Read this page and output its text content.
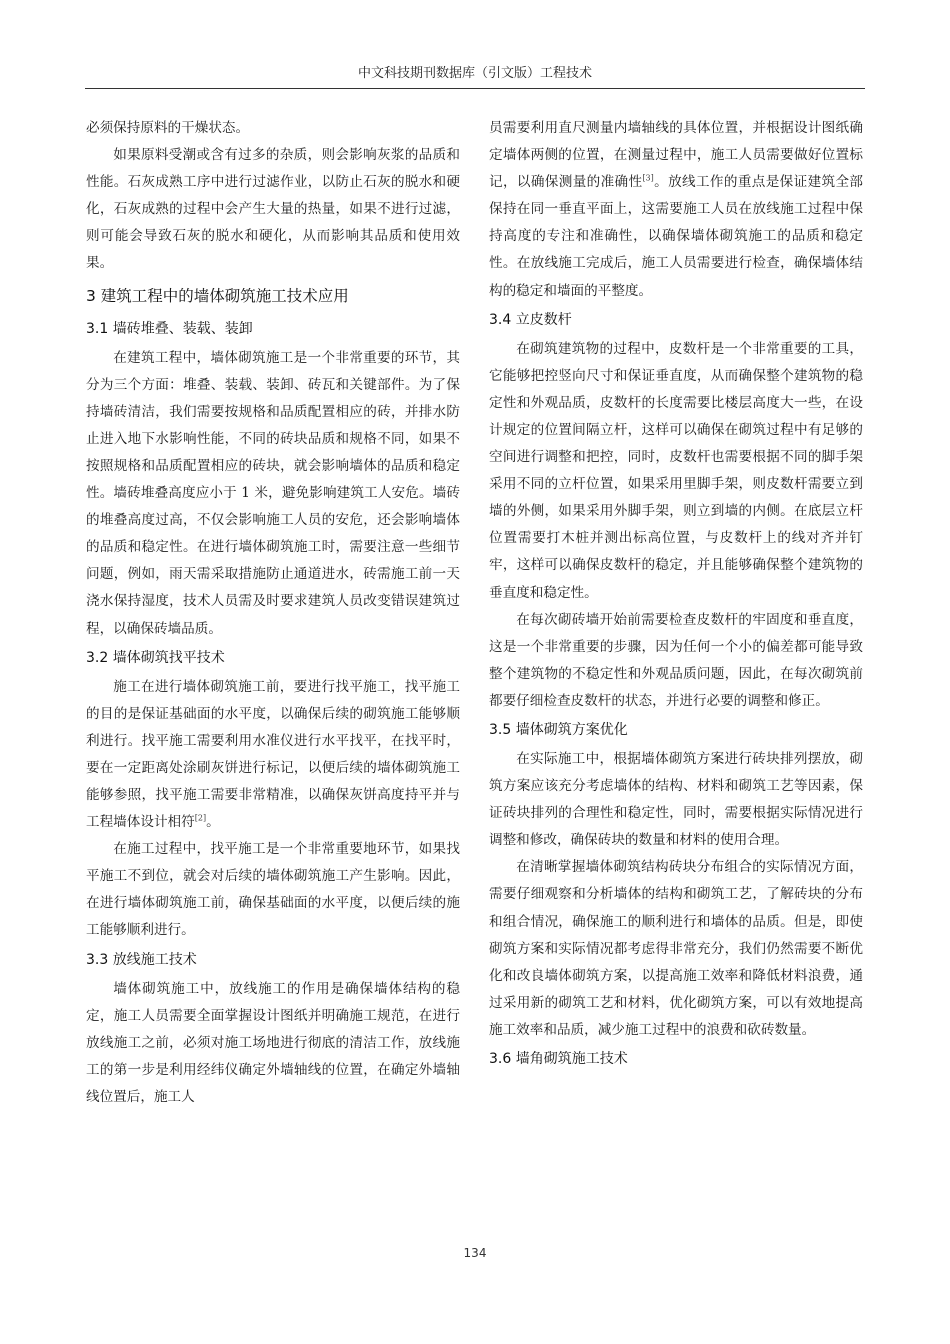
中文科技期刊数据库（引文版）工程技术

必须保持原料的干燥状态。

如果原料受潮或含有过多的杂质，则会影响灰浆的品质和性能。石灰成熟工序中进行过滤作业，以防止石灰的脱水和硬化，石灰成熟的过程中会产生大量的热量，如果不进行过滤，则可能会导致石灰的脱水和硬化，从而影响其品质和使用效果。

3 建筑工程中的墙体砌筑施工技术应用
3.1 墙砖堆叠、装载、装卸

在建筑工程中，墙体砌筑施工是一个非常重要的环节，其分为三个方面：堆叠、装载、装卸、砖瓦和关键部件。为了保持墙砖清洁，我们需要按规格和品质配置相应的砖，并排水防止进入地下水影响性能，不同的砖块品质和规格不同，如果不按照规格和品质配置相应的砖块，就会影响墙体的品质和稳定性。墙砖堆叠高度应小于 1 米，避免影响建筑工人安危。墙砖的堆叠高度过高，不仅会影响施工人员的安危，还会影响墙体的品质和稳定性。在进行墙体砌筑施工时，需要注意一些细节问题，例如，雨天需采取措施防止通道进水，砖需施工前一天浇水保持湿度，技术人员需及时要求建筑人员改变错误建筑过程，以确保砖墙品质。

3.2 墙体砌筑找平技术

施工在进行墙体砌筑施工前，要进行找平施工，找平施工的目的是保证基础面的水平度，以确保后续的砌筑施工能够顺利进行。找平施工需要利用水准仪进行水平找平，在找平时，要在一定距离处涂刷灰饼进行标记，以便后续的墙体砌筑施工能够参照，找平施工需要非常精准，以确保灰饼高度持平并与工程墙体设计相符[2]。

在施工过程中，找平施工是一个非常重要地环节，如果找平施工不到位，就会对后续的墙体砌筑施工产生影响。因此，在进行墙体砌筑施工前，确保基础面的水平度，以便后续的施工能够顺利进行。

3.3 放线施工技术

墙体砌筑施工中，放线施工的作用是确保墙体结构的稳定，施工人员需要全面掌握设计图纸并明确施工规范，在进行放线施工之前，必须对施工场地进行彻底的清洁工作，放线施工的第一步是利用经纬仪确定外墙轴线的位置，在确定外墙轴线位置后，施工人

员需要利用直尺测量内墙轴线的具体位置，并根据设计图纸确定墙体两侧的位置，在测量过程中，施工人员需要做好位置标记，以确保测量的准确性[3]。放线工作的重点是保证建筑全部保持在同一垂直平面上，这需要施工人员在放线施工过程中保持高度的专注和准确性，以确保墙体砌筑施工的品质和稳定性。在放线施工完成后，施工人员需要进行检查，确保墙体结构的稳定和墙面的平整度。

3.4 立皮数杆

在砌筑建筑物的过程中，皮数杆是一个非常重要的工具，它能够把控竖向尺寸和保证垂直度，从而确保整个建筑物的稳定性和外观品质，皮数杆的长度需要比楼层高度大一些，在设计规定的位置间隔立杆，这样可以确保在砌筑过程中有足够的空间进行调整和把控，同时，皮数杆也需要根据不同的脚手架采用不同的立杆位置，如果采用里脚手架，则皮数杆需要立到墙的外侧，如果采用外脚手架，则立到墙的内侧。在底层立杆位置需要打木桩并测出标高位置，与皮数杆上的线对齐并钉牢，这样可以确保皮数杆的稳定，并且能够确保整个建筑物的垂直度和稳定性。

在每次砌砖墙开始前需要检查皮数杆的牢固度和垂直度，这是一个非常重要的步骤，因为任何一个小的偏差都可能导致整个建筑物的不稳定性和外观品质问题，因此，在每次砌筑前都要仔细检查皮数杆的状态，并进行必要的调整和修正。

3.5 墙体砌筑方案优化

在实际施工中，根据墙体砌筑方案进行砖块排列摆放，砌筑方案应该充分考虑墙体的结构、材料和砌筑工艺等因素，保证砖块排列的合理性和稳定性，同时，需要根据实际情况进行调整和修改，确保砖块的数量和材料的使用合理。

在清晰掌握墙体砌筑结构砖块分布组合的实际情况方面，需要仔细观察和分析墙体的结构和砌筑工艺，了解砖块的分布和组合情况，确保施工的顺利进行和墙体的品质。但是，即使砌筑方案和实际情况都考虑得非常充分，我们仍然需要不断优化和改良墙体砌筑方案，以提高施工效率和降低材料浪费，通过采用新的砌筑工艺和材料，优化砌筑方案，可以有效地提高施工效率和品质，减少施工过程中的浪费和砍砖数量。

3.6 墙角砌筑施工技术
134
